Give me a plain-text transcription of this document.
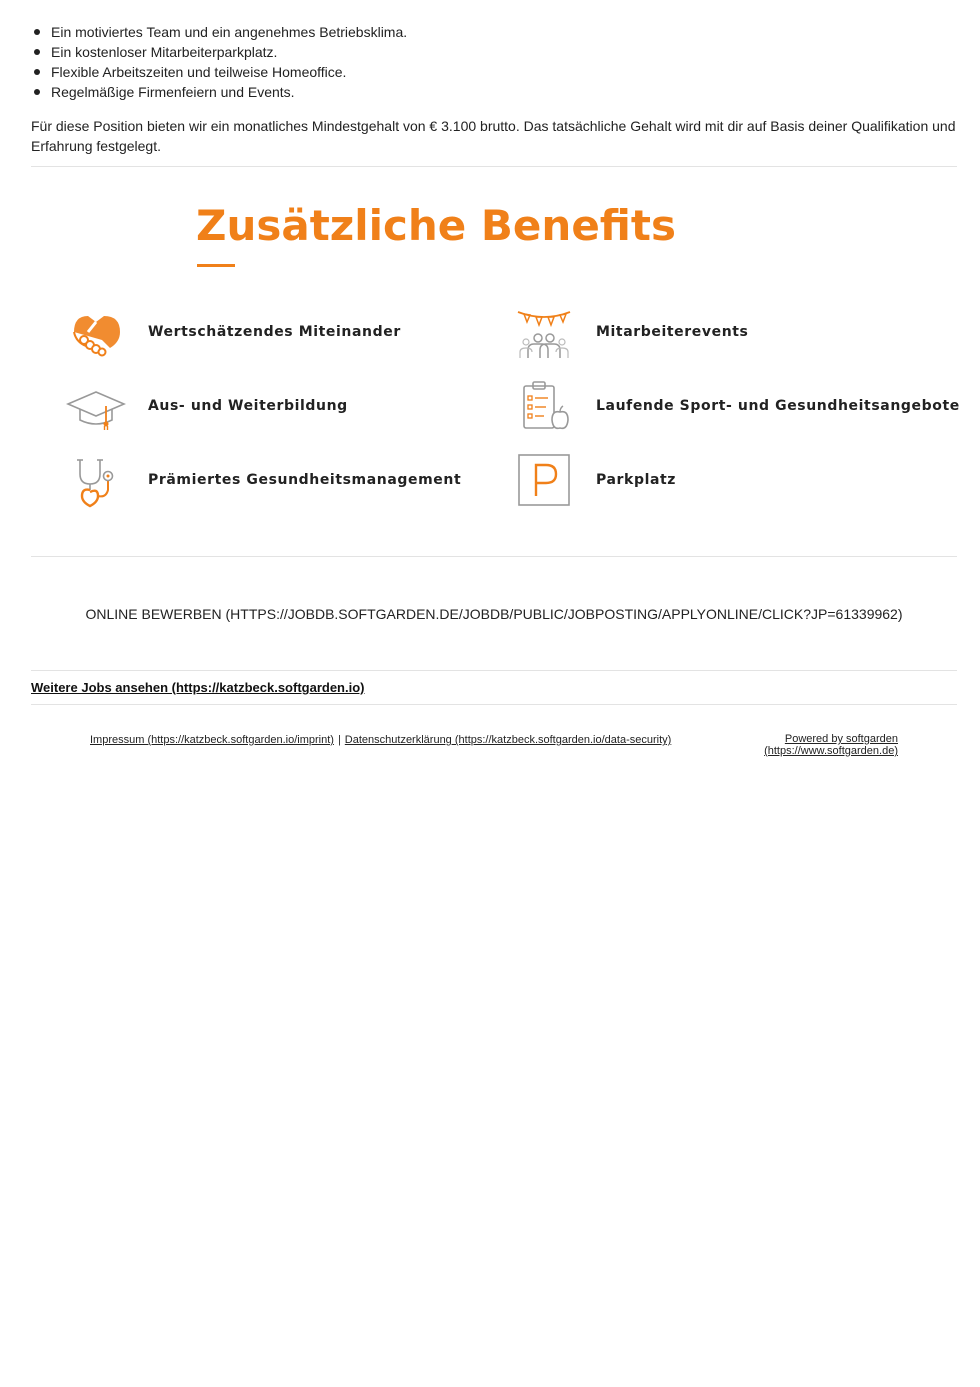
Ein motiviertes Team und ein angenehmes Betriebsklima.
Ein kostenloser Mitarbeiterparkplatz.
Flexible Arbeitszeiten und teilweise Homeoffice.
Regelmäßige Firmenfeiern und Events.

Für diese Position bieten wir ein monatliches Mindestgehalt von € 3.100 brutto. Das tatsächliche Gehalt wird mit dir auf Basis deiner Qualifikation und Erfahrung festgelegt.

Zusätzliche Benefits
Wertschätzendes Miteinander	Mitarbeiterevents
Aus- und Weiterbildung	Laufende Sport- und Gesundheitsangebote
Prämiertes Gesundheitsmanagement	Parkplatz
ONLINE BEWERBEN (HTTPS://JOBDB.SOFTGARDEN.DE/JOBDB/PUBLIC/JOBPOSTING/APPLYONLINE/CLICK?JP=61339962)
Weitere Jobs ansehen (https://katzbeck.softgarden.io)
Impressum (https://katzbeck.softgarden.io/imprint) | Datenschutzerklärung (https://katzbeck.softgarden.io/data-security)	Powered by softgarden
(https://www.softgarden.de)
